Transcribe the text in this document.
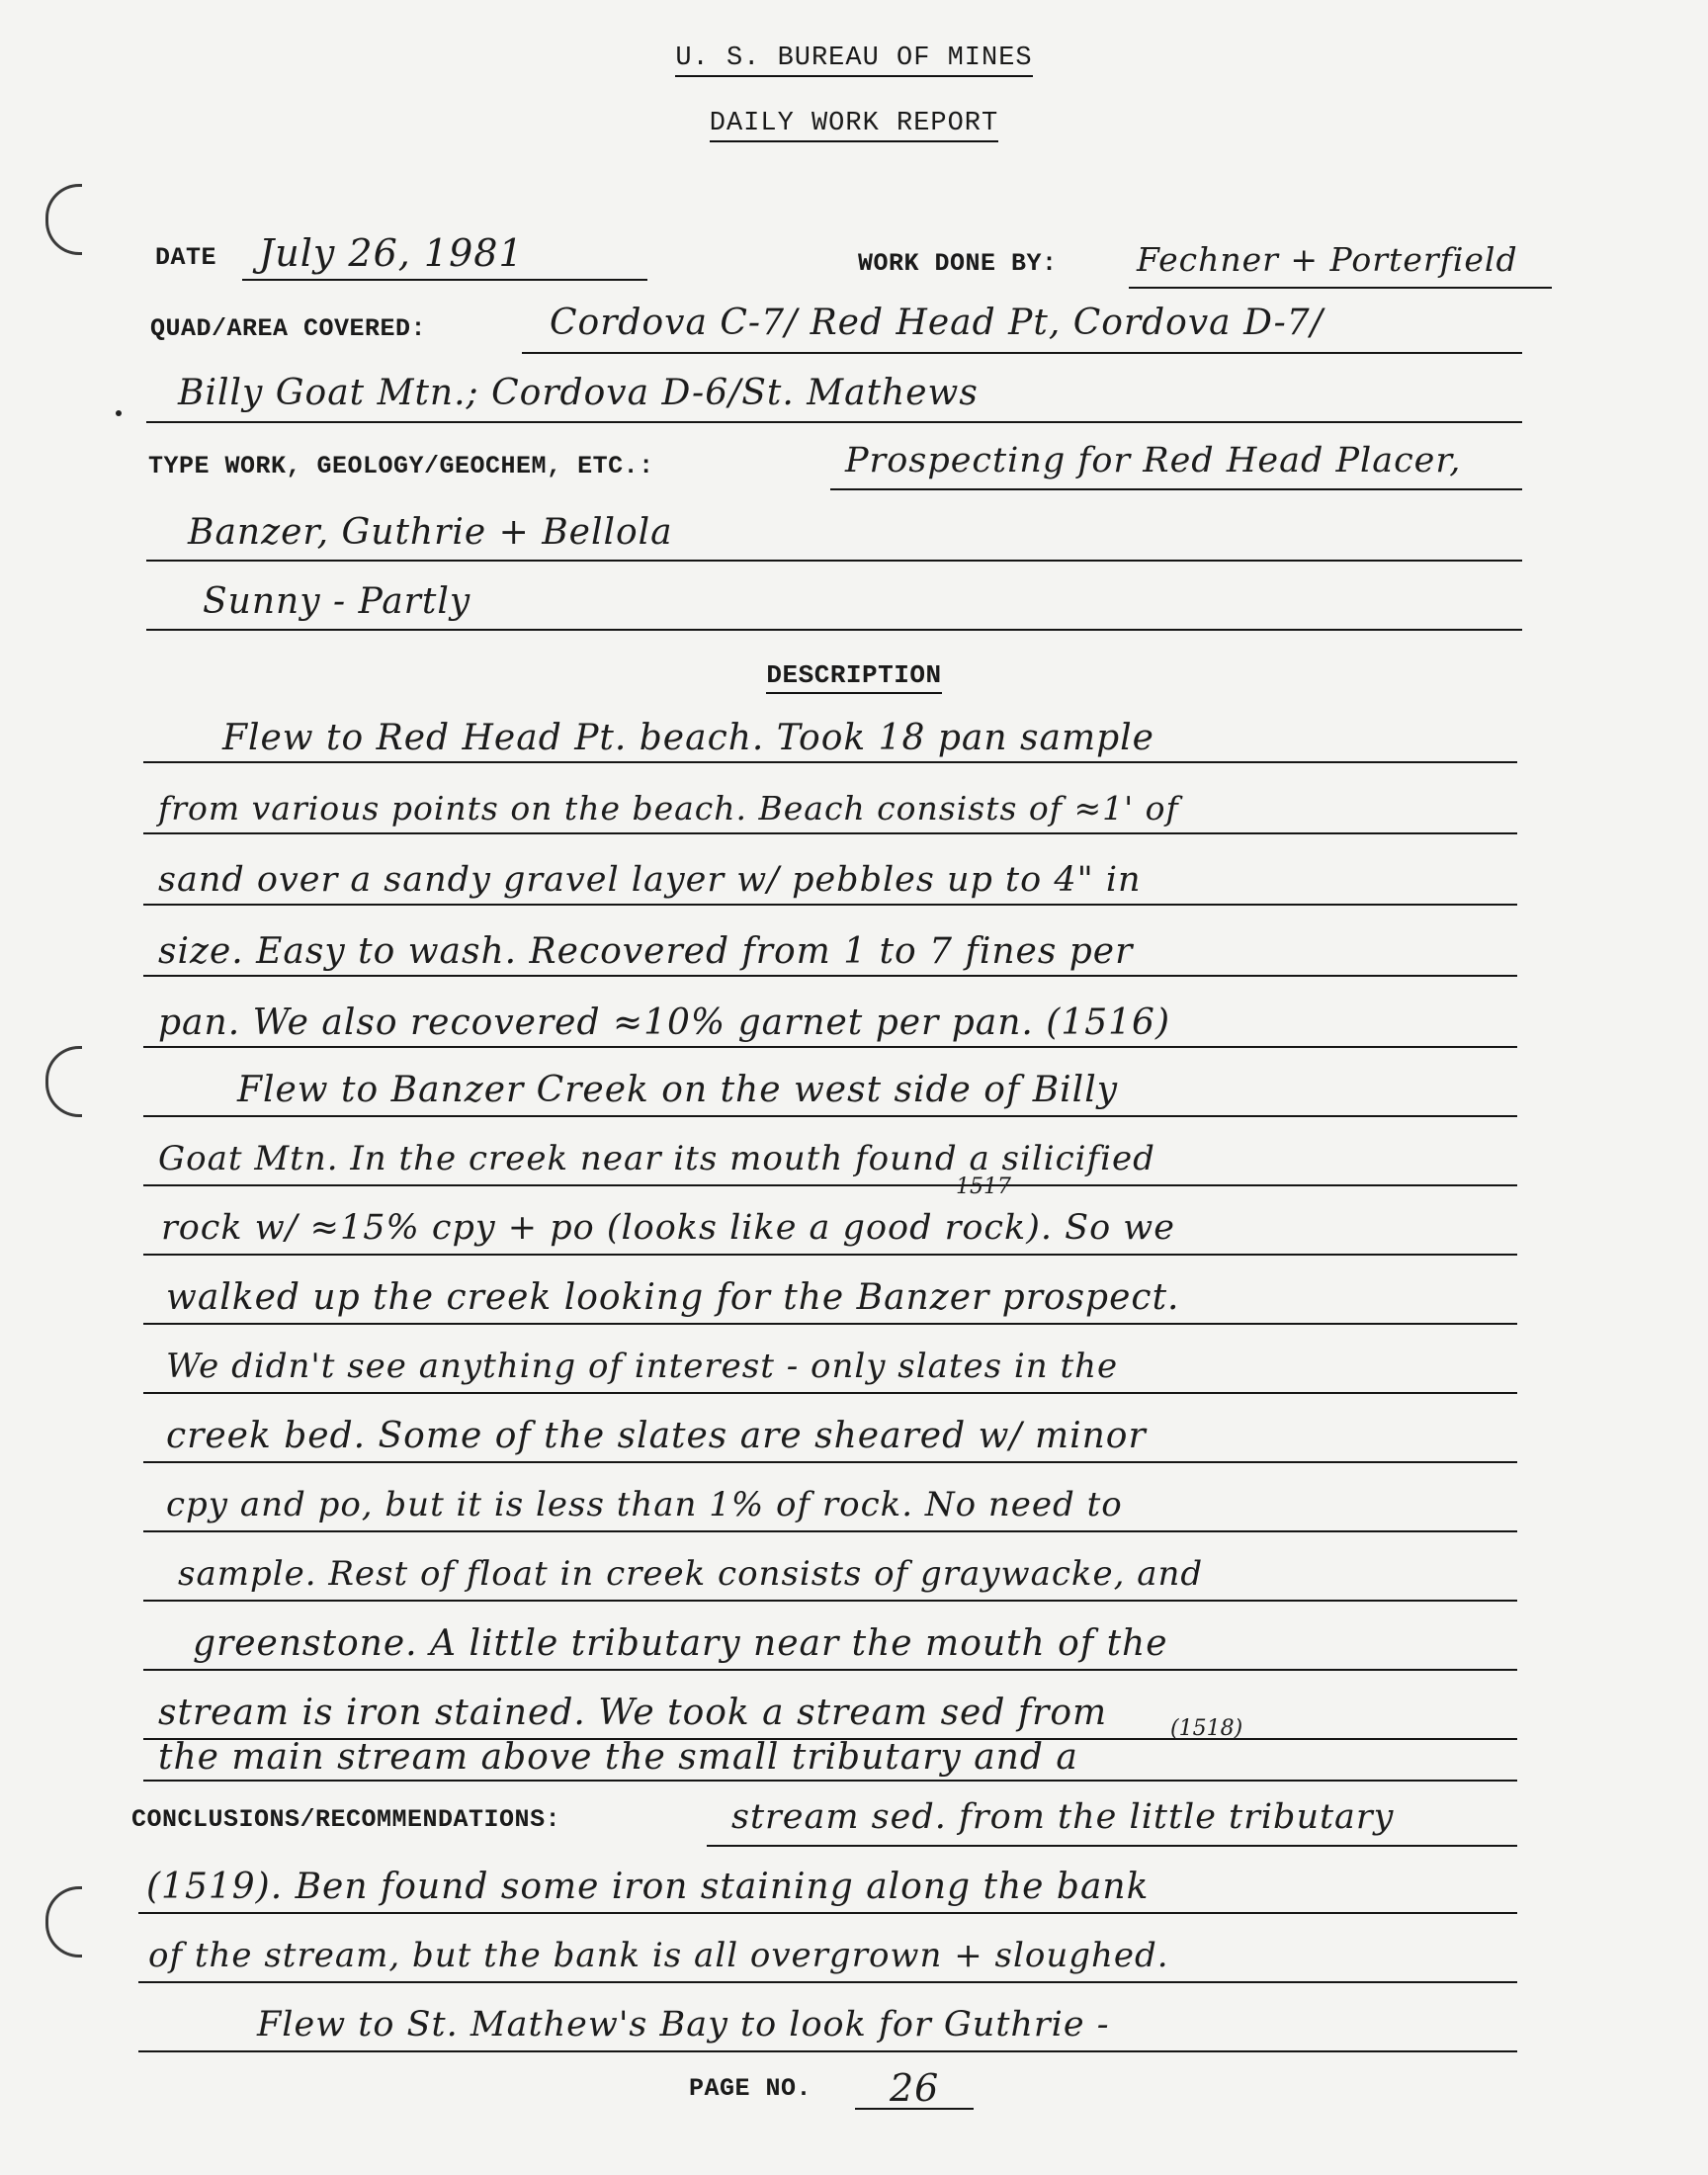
U. S. BUREAU OF MINES
DAILY WORK REPORT
DATE July 26, 1981	WORK DONE BY: Fechner + Porterfield
QUAD/AREA COVERED:	Cordova C-7/ Red Head Pt, Cordova D-7/
Billy Goat Mtn.; Cordova D-6/St. Mathews
TYPE WORK, GEOLOGY/GEOCHEM, ETC.:	Prospecting for Red Head Placer,
Banzer, Guthrie + Bellola
Sunny - Partly
DESCRIPTION
Flew to Red Head Pt. beach. Took 18 pan sample
from various points on the beach. Beach consists of ≈1' of
sand over a sandy gravel layer w/ pebbles up to 4" in
size. Easy to wash. Recovered from 1 to 7 fines per
pan. We also recovered ≈10% garnet per pan. (1516)
Flew to Banzer Creek on the west side of Billy
Goat Mtn. In the creek near its mouth found a silicified
1517
rock w/ ≈15% cpy + po (looks like a good rock). So we
walked up the creek looking for the Banzer prospect.
We didn't see anything of interest - only slates in the
creek bed. Some of the slates are sheared w/ minor
cpy and po, but it is less than 1% of rock. No need to
sample. Rest of float in creek consists of graywacke, and
greenstone. A little tributary near the mouth of the
stream is iron stained. We took a stream sed from	(1518)
the main stream above the small tributary and a
CONCLUSIONS/RECOMMENDATIONS:	stream sed. from the little tributary
(1519). Ben found some iron staining along the bank
of the stream, but the bank is all overgrown + sloughed.
Flew to St. Mathew's Bay to look for Guthrie -
PAGE NO. 26
